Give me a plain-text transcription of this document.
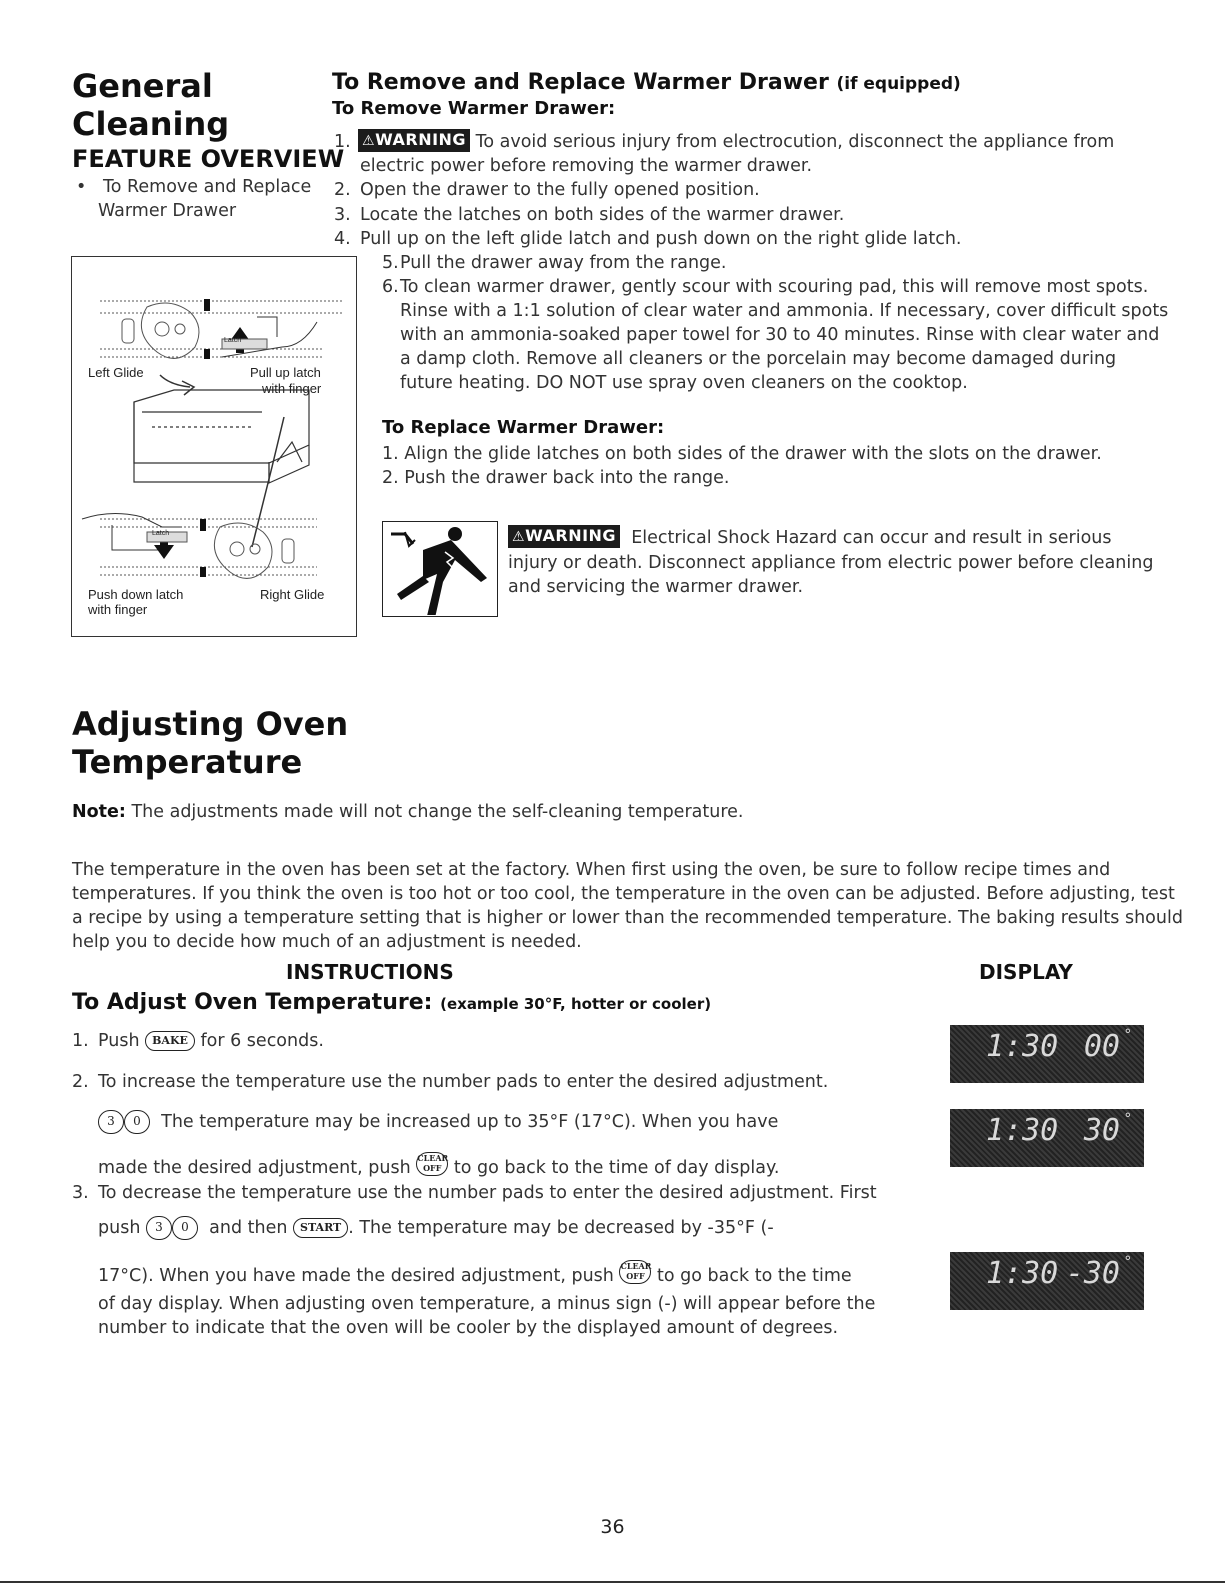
General
Cleaning
FEATURE OVERVIEW
• To Remove and Replace
Warmer Drawer
Left Glide	Pull up latch
with finger
Latch
Latch
Push down latch
with finger
Right Glide
To Remove and Replace Warmer Drawer (if equipped)
To Remove Warmer Drawer:
1. ⚠WARNING To avoid serious injury from electrocution, disconnect the appliance from
electric power before removing the warmer drawer.
2. Open the drawer to the fully opened position.
3. Locate the latches on both sides of the warmer drawer.
4. Pull up on the left glide latch and push down on the right glide latch.
5.Pull the drawer away from the range.
6.To clean warmer drawer, gently scour with scouring pad, this will remove most spots.
Rinse with a 1:1 solution of clear water and ammonia. If necessary, cover difficult spots
with an ammonia-soaked paper towel for 30 to 40 minutes. Rinse with clear water and
a damp cloth. Remove all cleaners or the porcelain may become damaged during
future heating. DO NOT use spray oven cleaners on the cooktop.
To Replace Warmer Drawer:
1. Align the glide latches on both sides of the drawer with the slots on the drawer.
2. Push the drawer back into the range.
⚠WARNING Electrical Shock Hazard can occur and result in serious
injury or death. Disconnect appliance from electric power before cleaning
and servicing the warmer drawer.
Adjusting Oven
Temperature
Note: The adjustments made will not change the self-cleaning temperature.
The temperature in the oven has been set at the factory. When first using the oven, be sure to follow recipe times and
temperatures. If you think the oven is too hot or too cool, the temperature in the oven can be adjusted. Before adjusting, test
a recipe by using a temperature setting that is higher or lower than the recommended temperature. The baking results should
help you to decide how much of an adjustment is needed.
INSTRUCTIONS	DISPLAY
To Adjust Oven Temperature: (example 30°F, hotter or cooler)
1. Push BAKE for 6 seconds.
2. To increase the temperature use the number pads to enter the desired adjustment.
3 0 The temperature may be increased up to 35°F (17°C). When you have
made the desired adjustment, push CLEAR
OFF to go back to the time of day display.
3. To decrease the temperature use the number pads to enter the desired adjustment. First
push 3 0 and then START . The temperature may be decreased by -35°F (-
17°C). When you have made the desired adjustment, push CLEAR
OFF to go back to the time
of day display. When adjusting oven temperature, a minus sign (-) will appear before the
number to indicate that the oven will be cooler by the displayed amount of degrees.
1:30 00 °
1:30 30 °
1:30 -30 °
36
